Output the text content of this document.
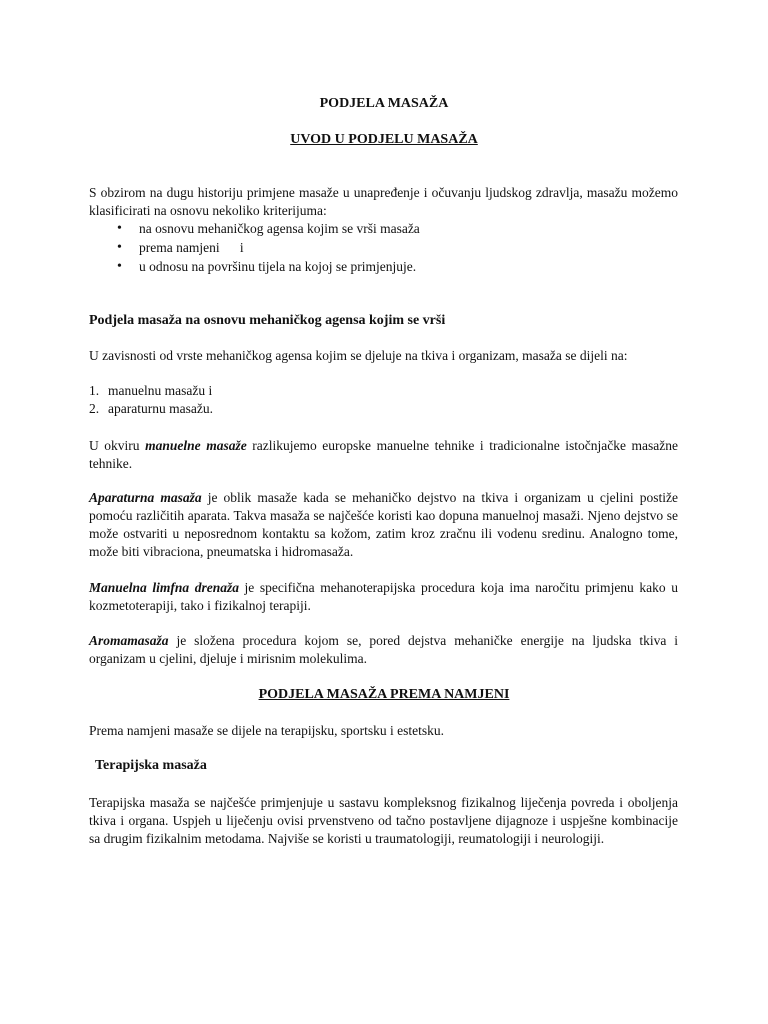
PODJELA MASAŽA

UVOD U PODJELU MASAŽA

S obzirom na dugu historiju primjene masaže u unapređenje i očuvanju ljudskog zdravlja, masažu možemo klasificirati na osnovu nekoliko kriterijuma:

• na osnovu mehaničkog agensa kojim se vrši masaža
• prema namjeni      i
• u odnosu na površinu tijela na kojoj se primjenjuje.

Podjela masaža na osnovu mehaničkog agensa kojim se vrši

U zavisnosti od vrste mehaničkog agensa kojim se djeluje na tkiva i organizam, masaža se dijeli na:

1. manuelnu masažu i
2. aparaturnu masažu.

U okviru manuelne masaže razlikujemo europske manuelne tehnike i tradicionalne istočnjačke masažne tehnike.

Aparaturna masaža je oblik masaže kada se mehaničko dejstvo na tkiva i organizam u cjelini postiže pomoću različitih aparata. Takva masaža se najčešće koristi kao dopuna manuelnoj masaži. Njeno dejstvo se može ostvariti u neposrednom kontaktu sa kožom, zatim kroz zračnu ili vodenu sredinu. Analogno tome, može biti vibraciona, pneumatska i hidromasaža.

Manuelna limfna drenaža je specifična mehanoterapijska procedura koja ima naročitu primjenu kako u kozmetoterapiji, tako i fizikalnoj terapiji.

Aromamasaža je složena procedura kojom se, pored dejstva mehaničke energije na ljudska tkiva i organizam u cjelini, djeluje i mirisnim molekulima.

PODJELA MASAŽA PREMA NAMJENI

Prema namjeni masaže se dijele na terapijsku, sportsku i estetsku.

Terapijska masaža

Terapijska masaža se najčešće primjenjuje u sastavu kompleksnog fizikalnog liječenja povreda i oboljenja tkiva i organa. Uspjeh u liječenju ovisi prvenstveno od tačno postavljene dijagnoze i uspješne kombinacije sa drugim fizikalnim metodama. Najviše se koristi u traumatologiji, reumatologiji i neurologiji.
